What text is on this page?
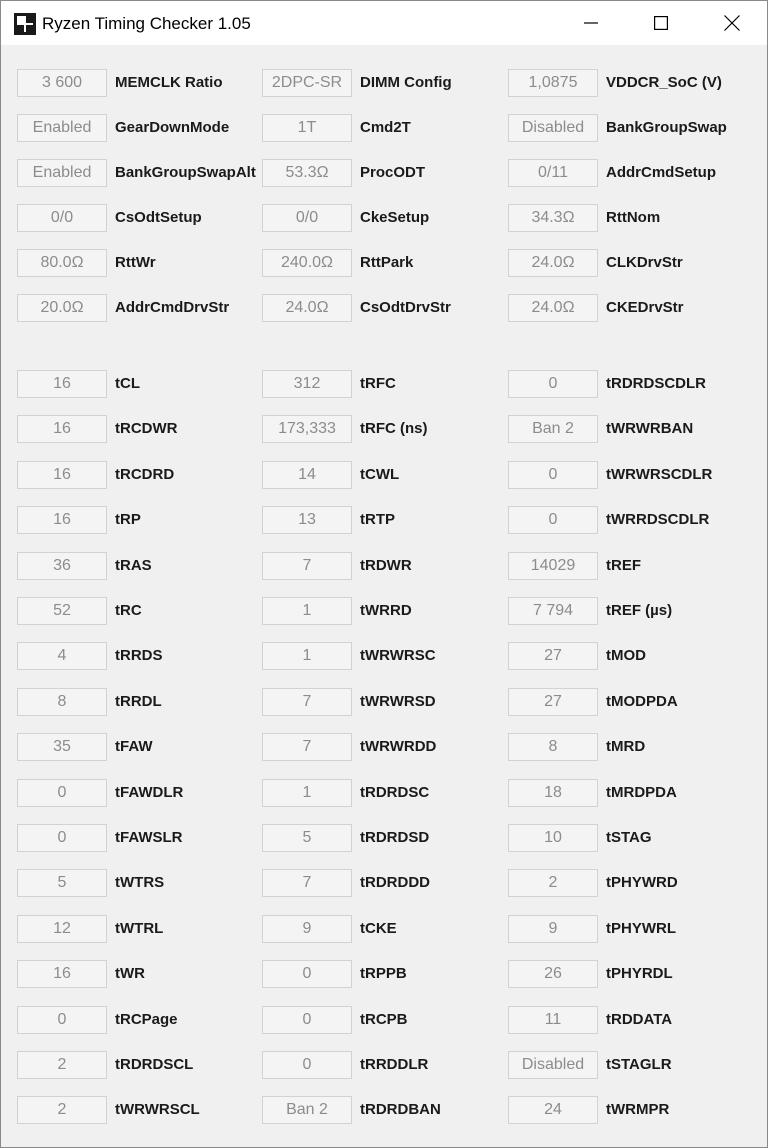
Ryzen Timing Checker 1.05
3 600	MEMCLK Ratio	2DPC-SR	DIMM Config	1,0875	VDDCR_SoC (V)
Enabled	GearDownMode	1T	Cmd2T	Disabled	BankGroupSwap
Enabled	BankGroupSwapAlt	53.3Ω	ProcODT	0/11	AddrCmdSetup
0/0	CsOdtSetup	0/0	CkeSetup	34.3Ω	RttNom
80.0Ω	RttWr	240.0Ω	RttPark	24.0Ω	CLKDrvStr
20.0Ω	AddrCmdDrvStr	24.0Ω	CsOdtDrvStr	24.0Ω	CKEDrvStr
16	tCL	312	tRFC	0	tRDRDSCDLR
16	tRCDWR	173,333	tRFC (ns)	Ban 2	tWRWRBAN
16	tRCDRD	14	tCWL	0	tWRWRSCDLR
16	tRP	13	tRTP	0	tWRRDSCDLR
36	tRAS	7	tRDWR	14029	tREF
52	tRC	1	tWRRD	7 794	tREF (µs)
4	tRRDS	1	tWRWRSC	27	tMOD
8	tRRDL	7	tWRWRSD	27	tMODPDA
35	tFAW	7	tWRWRDD	8	tMRD
0	tFAWDLR	1	tRDRDSC	18	tMRDPDA
0	tFAWSLR	5	tRDRDSD	10	tSTAG
5	tWTRS	7	tRDRDDD	2	tPHYWRD
12	tWTRL	9	tCKE	9	tPHYWRL
16	tWR	0	tRPPB	26	tPHYRDL
0	tRCPage	0	tRCPB	11	tRDDATA
2	tRDRDSCL	0	tRRDDLR	Disabled	tSTAGLR
2	tWRWRSCL	Ban 2	tRDRDBAN	24	tWRMPR
